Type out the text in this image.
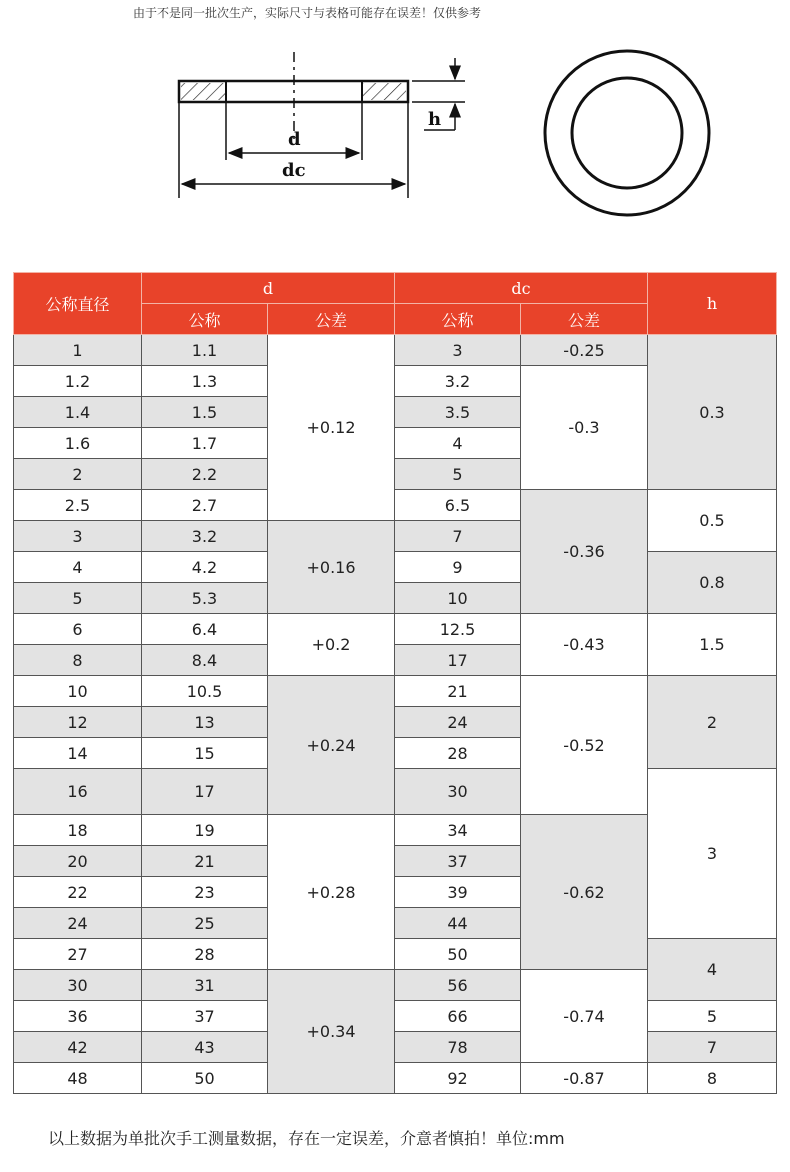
由于不是同一批次生产，实际尺寸与表格可能存在误差！仅供参考
d
dc
h
公称直径	d		dc		h
	公称	公差	公称	公差	
1	1.1	+0.12	3	-0.25	0.3
1.2	1.3		3.2	-0.3	
1.4	1.5		3.5		
1.6	1.7		4		
2	2.2		5		
2.5	2.7		6.5	-0.36	0.5
3	3.2	+0.16	7		
4	4.2		9		0.8
5	5.3		10		
6	6.4	+0.2	12.5	-0.43	1.5
8	8.4		17		
10	10.5	+0.24	21	-0.52	2
12	13		24		
14	15		28		
16	17		30		3
18	19	+0.28	34	-0.62	
20	21		37		
22	23		39		
24	25		44		
27	28		50		4
30	31	+0.34	56	-0.74	
36	37		66		5
42	43		78		7
48	50		92	-0.87	8
以上数据为单批次手工测量数据，存在一定误差，介意者慎拍！单位:mm
